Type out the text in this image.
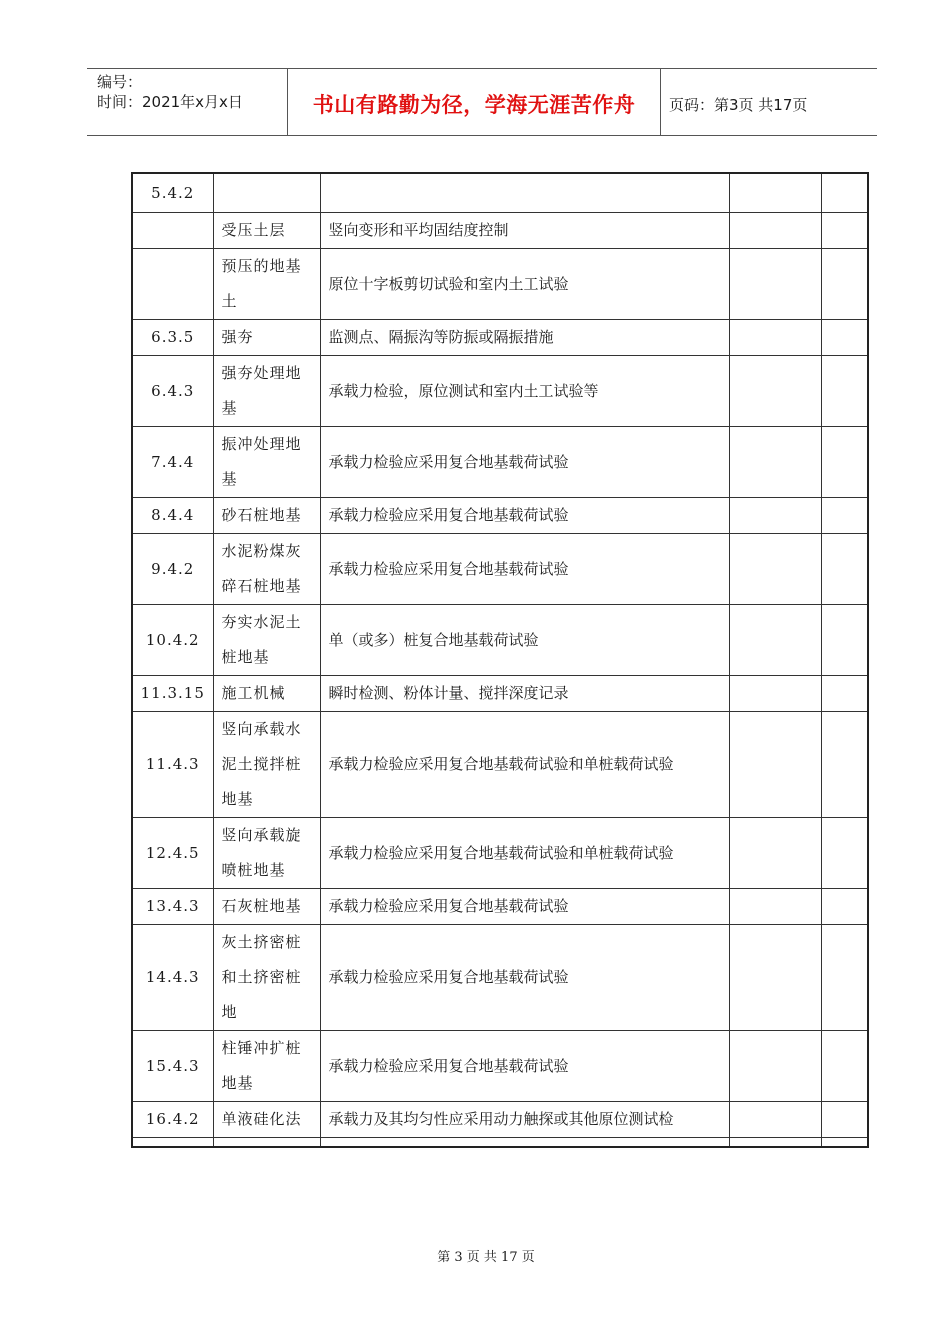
编号：
时间：2021年x月x日	书山有路勤为径，学海无涯苦作舟	页码：第3页 共17页
5.4.2				
	受压土层	竖向变形和平均固结度控制		
	预压的地基土	原位十字板剪切试验和室内土工试验		
6.3.5	强夯	监测点、隔振沟等防振或隔振措施		
6.4.3	强夯处理地基	承载力检验，原位测试和室内土工试验等		
7.4.4	振冲处理地基	承载力检验应采用复合地基载荷试验		
8.4.4	砂石桩地基	承载力检验应采用复合地基载荷试验		
9.4.2	水泥粉煤灰碎石桩地基	承载力检验应采用复合地基载荷试验		
10.4.2	夯实水泥土桩地基	单（或多）桩复合地基载荷试验		
11.3.15	施工机械	瞬时检测、粉体计量、搅拌深度记录		
11.4.3	竖向承载水泥土搅拌桩地基	承载力检验应采用复合地基载荷试验和单桩载荷试验		
12.4.5	竖向承载旋喷桩地基	承载力检验应采用复合地基载荷试验和单桩载荷试验		
13.4.3	石灰桩地基	承载力检验应采用复合地基载荷试验		
14.4.3	灰土挤密桩和土挤密桩地	承载力检验应采用复合地基载荷试验		
15.4.3	柱锤冲扩桩地基	承载力检验应采用复合地基载荷试验		
16.4.2	单液硅化法	承载力及其均匀性应采用动力触探或其他原位测试检		

第 3 页 共 17 页
